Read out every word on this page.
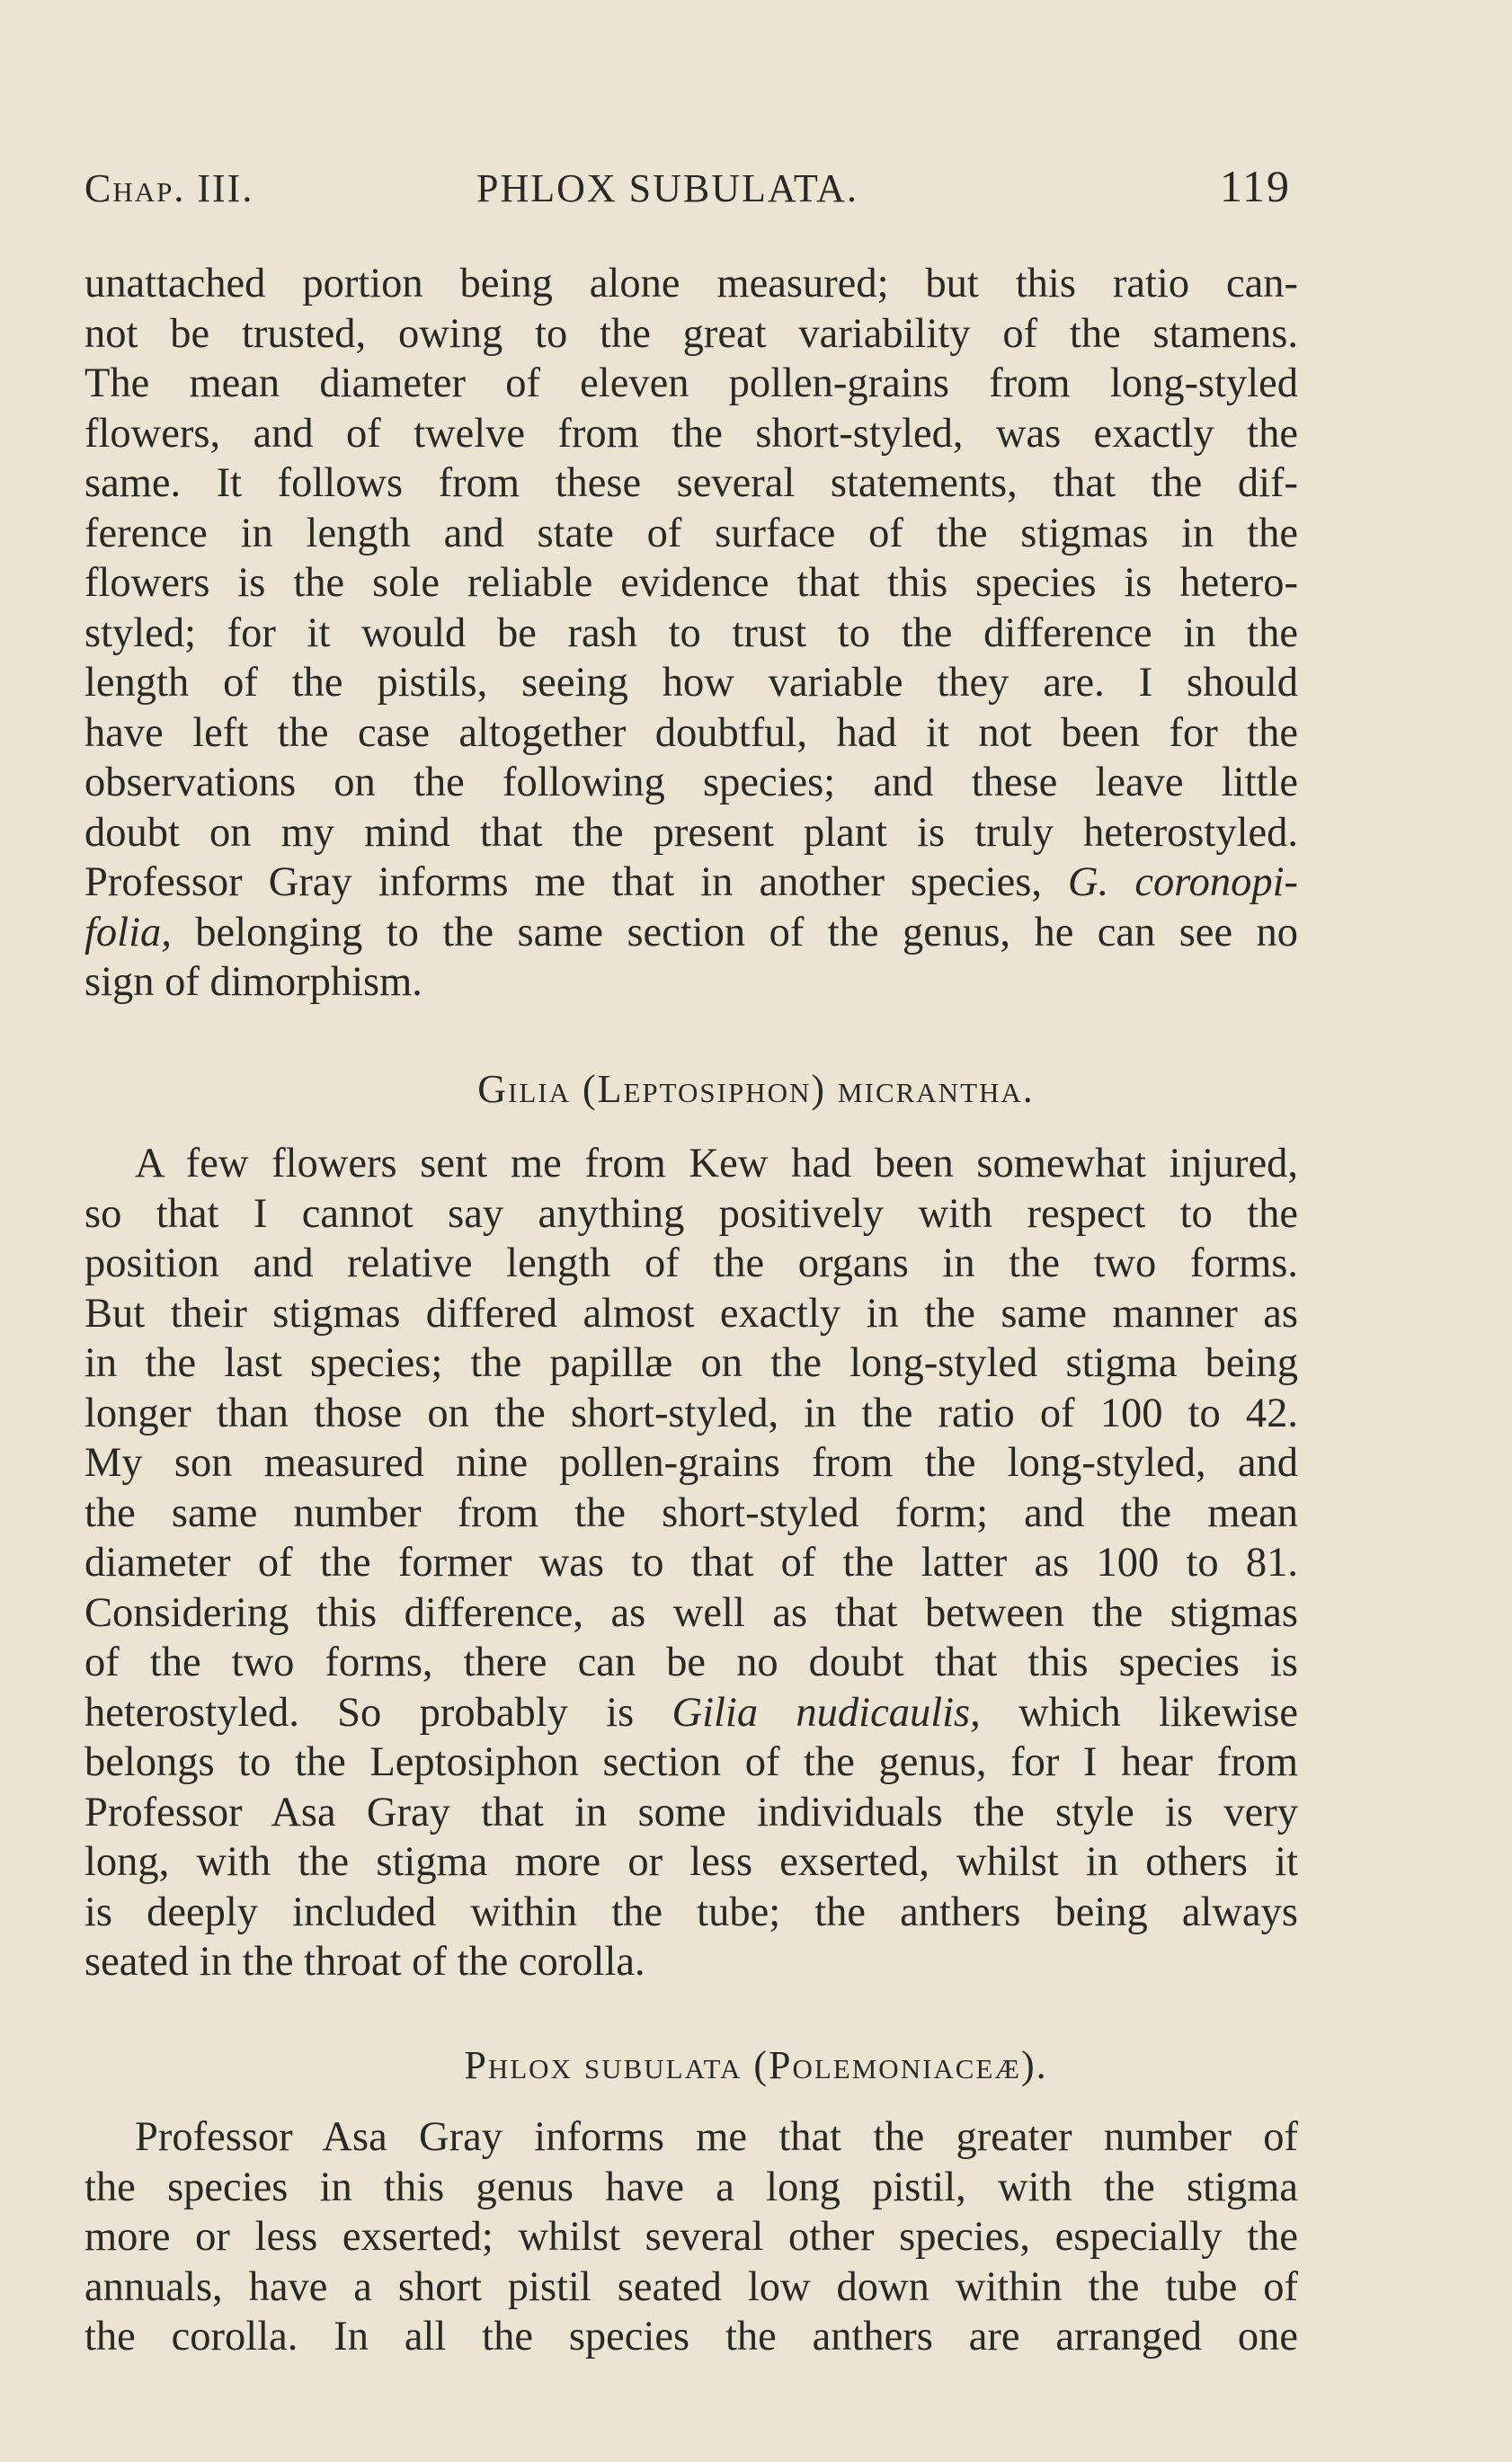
Chap. III.	PHLOX SUBULATA.	119
unattached portion being alone measured; but this ratio can-
not be trusted, owing to the great variability of the stamens.
The mean diameter of eleven pollen-grains from long-styled
flowers, and of twelve from the short-styled, was exactly the
same. It follows from these several statements, that the dif-
ference in length and state of surface of the stigmas in the
flowers is the sole reliable evidence that this species is hetero-
styled; for it would be rash to trust to the difference in the
length of the pistils, seeing how variable they are. I should
have left the case altogether doubtful, had it not been for the
observations on the following species; and these leave little
doubt on my mind that the present plant is truly heterostyled.
Professor Gray informs me that in another species, G. coronopi-
folia, belonging to the same section of the genus, he can see no
sign of dimorphism.
Gilia (Leptosiphon) micrantha.
A few flowers sent me from Kew had been somewhat injured,
so that I cannot say anything positively with respect to the
position and relative length of the organs in the two forms.
But their stigmas differed almost exactly in the same manner as
in the last species; the papillæ on the long-styled stigma being
longer than those on the short-styled, in the ratio of 100 to 42.
My son measured nine pollen-grains from the long-styled, and
the same number from the short-styled form; and the mean
diameter of the former was to that of the latter as 100 to 81.
Considering this difference, as well as that between the stigmas
of the two forms, there can be no doubt that this species is
heterostyled. So probably is Gilia nudicaulis, which likewise
belongs to the Leptosiphon section of the genus, for I hear from
Professor Asa Gray that in some individuals the style is very
long, with the stigma more or less exserted, whilst in others it
is deeply included within the tube; the anthers being always
seated in the throat of the corolla.
Phlox subulata (Polemoniaceæ).
Professor Asa Gray informs me that the greater number of
the species in this genus have a long pistil, with the stigma
more or less exserted; whilst several other species, especially the
annuals, have a short pistil seated low down within the tube of
the corolla. In all the species the anthers are arranged one
